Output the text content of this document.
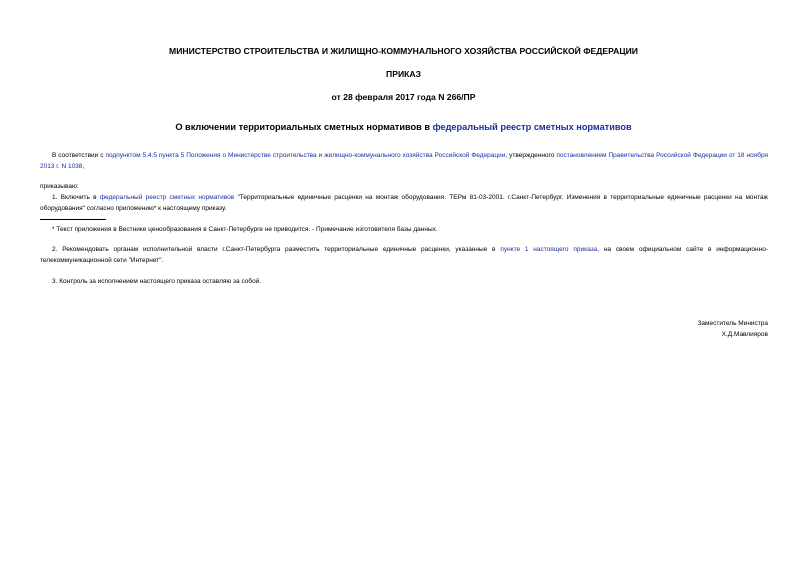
МИНИСТЕРСТВО СТРОИТЕЛЬСТВА И ЖИЛИЩНО-КОММУНАЛЬНОГО ХОЗЯЙСТВА РОССИЙСКОЙ ФЕДЕРАЦИИ

ПРИКАЗ

от 28 февраля 2017 года N 266/ПР

О включении территориальных сметных нормативов в федеральный реестр сметных нормативов

В соответствии с подпунктом 5.4.5 пункта 5 Положения о Министерстве строительства и жилищно-коммунального хозяйства Российской Федерации, утвержденного постановлением Правительства Российской Федерации от 18 ноября 2013 г. N 1038,

приказываю:

1. Включить в федеральный реестр сметных нормативов "Территориальные единичные расценки на монтаж оборудования. ТЕРм 81-03-2001. г.Санкт-Петербург. Изменения в территориальные единичные расценки на монтаж оборудования" согласно приложению* к настоящему приказу.

* Текст приложения в Вестнике ценообразования в Санкт-Петербурге не приводится. - Примечание изготовителя базы данных.

2. Рекомендовать органам исполнительной власти г.Санкт-Петербурга разместить территориальные единичные расценки, указанные в пункте 1 настоящего приказа, на своем официальном сайте в информационно-телекоммуникационной сети "Интернет".

3. Контроль за исполнением настоящего приказа оставляю за собой.

Заместитель Министра
Х.Д.Мавлияров
